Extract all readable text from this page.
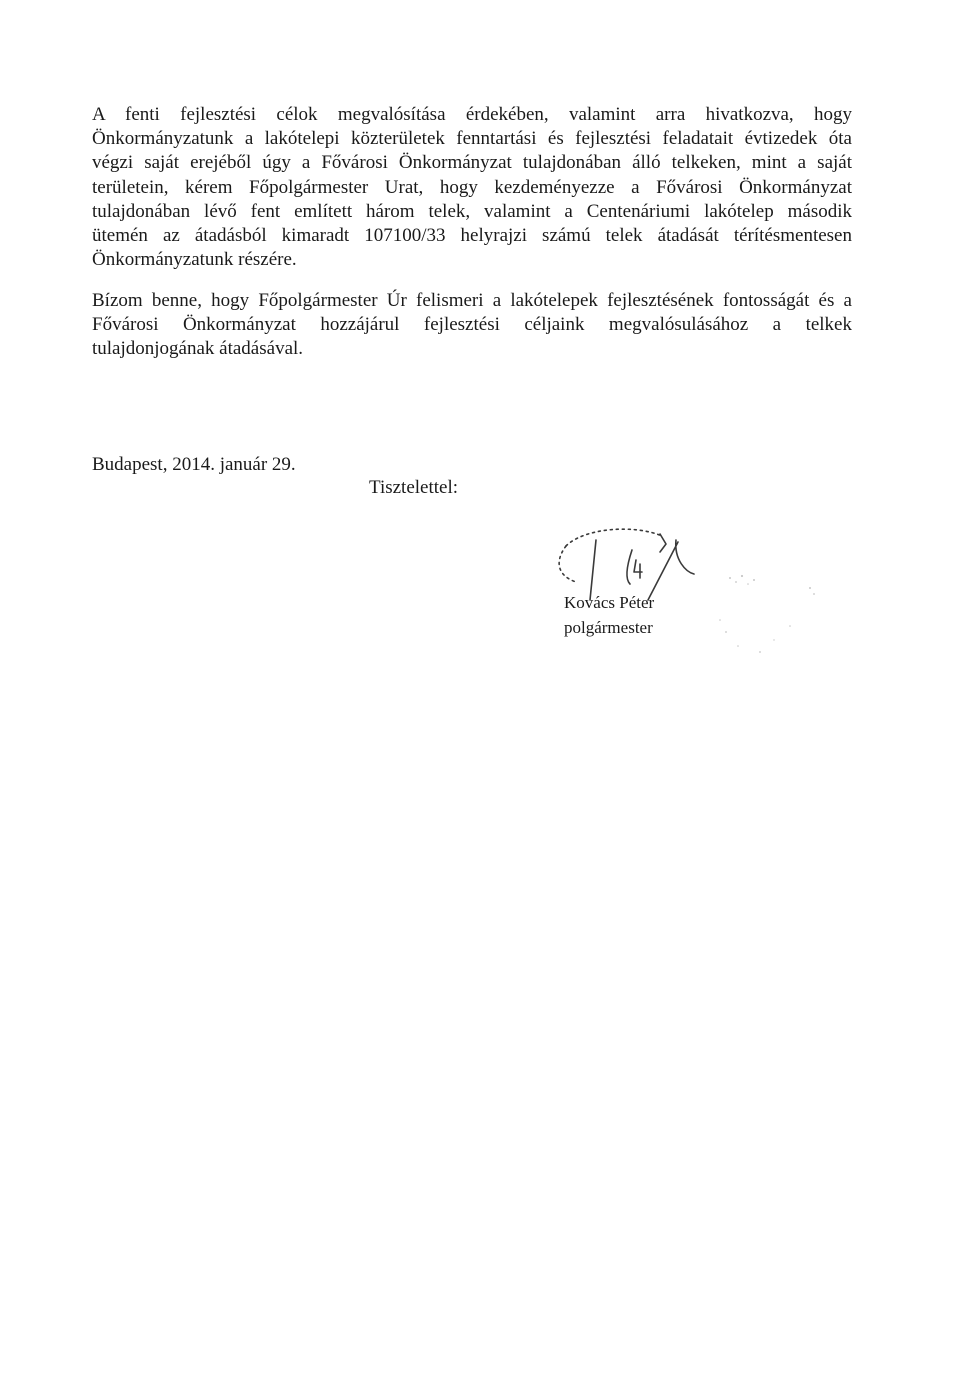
A fenti fejlesztési célok megvalósítása érdekében, valamint arra hivatkozva, hogy
Önkormányzatunk a lakótelepi közterületek fenntartási és fejlesztési feladatait évtizedek óta
végzi saját erejéből úgy a Fővárosi Önkormányzat tulajdonában álló telkeken, mint a saját
területein, kérem Főpolgármester Urat, hogy kezdeményezze a Fővárosi Önkormányzat
tulajdonában lévő fent említett három telek, valamint a Centenáriumi lakótelep második
ütemén az átadásból kimaradt 107100/33 helyrajzi számú telek átadását térítésmentesen
Önkormányzatunk részére.
Bízom benne, hogy Főpolgármester Úr felismeri a lakótelepek fejlesztésének fontosságát és a
Fővárosi Önkormányzat hozzájárul fejlesztési céljaink megvalósulásához a telkek
tulajdonjogának átadásával.

Budapest, 2014. január 29.

Tisztelettel:

Kovács Péter
polgármester
